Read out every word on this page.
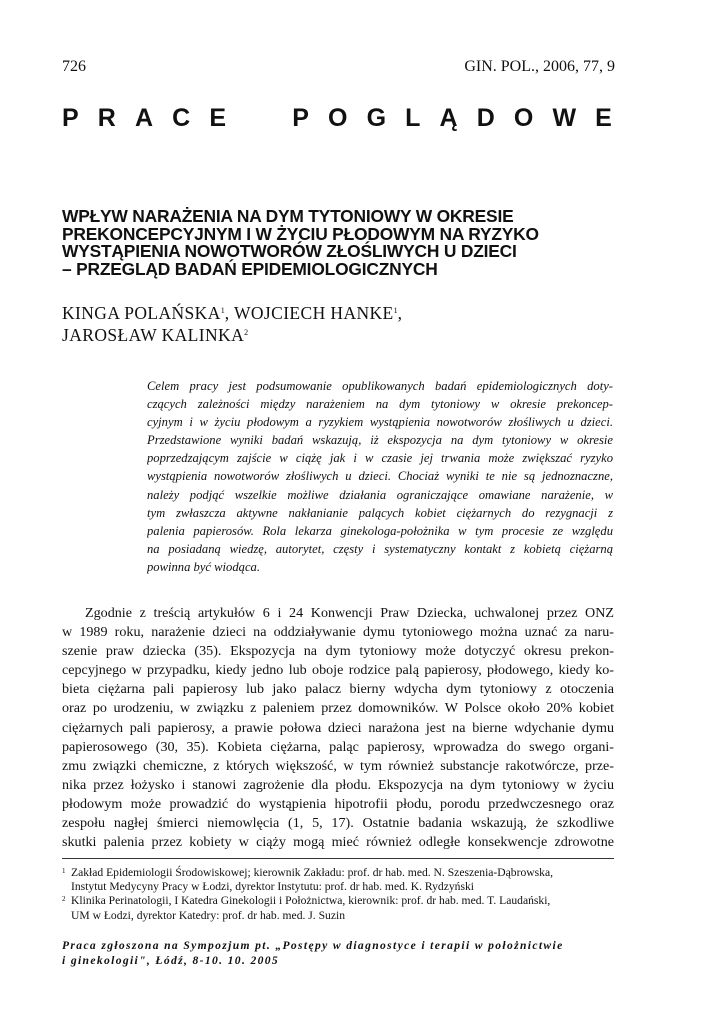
726	GIN. POL., 2006, 77, 9
P R A C E	P O G L Ą D O W E
WPŁYW NARAŻENIA NA DYM TYTONIOWY W OKRESIE
PREKONCEPCYJNYM I W ŻYCIU PŁODOWYM NA RYZYKO
WYSTĄPIENIA NOWOTWORÓW ZŁOŚLIWYCH U DZIECI
– PRZEGLĄD BADAŃ EPIDEMIOLOGICZNYCH
KINGA POLAŃSKA$^1$, WOJCIECH HANKE$^1$,
JAROSŁAW KALINKA$^2$
Celem pracy jest podsumowanie opublikowanych badań epidemiologicznych doty-
czących zależności między narażeniem na dym tytoniowy w okresie prekoncep-
cyjnym i w życiu płodowym a ryzykiem wystąpienia nowotworów złośliwych u dzieci.
Przedstawione wyniki badań wskazują, iż ekspozycja na dym tytoniowy w okresie
poprzedzającym zajście w ciążę jak i w czasie jej trwania może zwiększać ryzyko
wystąpienia nowotworów złośliwych u dzieci. Chociaż wyniki te nie są jednoznaczne,
należy podjąć wszelkie możliwe działania ograniczające omawiane narażenie, w
tym zwłaszcza aktywne nakłanianie palących kobiet ciężarnych do rezygnacji z
palenia papierosów. Rola lekarza ginekologa-położnika w tym procesie ze względu
na posiadaną wiedzę, autorytet, częsty i systematyczny kontakt z kobietą ciężarną
powinna być wiodąca.
Zgodnie z treścią artykułów 6 i 24 Konwencji Praw Dziecka, uchwalonej przez ONZ
w 1989 roku, narażenie dzieci na oddziaływanie dymu tytoniowego można uznać za naru-
szenie praw dziecka (35). Ekspozycja na dym tytoniowy może dotyczyć okresu prekon-
cepcyjnego w przypadku, kiedy jedno lub oboje rodzice palą papierosy, płodowego, kiedy ko-
bieta ciężarna pali papierosy lub jako palacz bierny wdycha dym tytoniowy z otoczenia
oraz po urodzeniu, w związku z paleniem przez domowników. W Polsce około 20% kobiet
ciężarnych pali papierosy, a prawie połowa dzieci narażona jest na bierne wdychanie dymu
papierosowego (30, 35). Kobieta ciężarna, paląc papierosy, wprowadza do swego organi-
zmu związki chemiczne, z których większość, w tym również substancje rakotwórcze, prze-
nika przez łożysko i stanowi zagrożenie dla płodu. Ekspozycja na dym tytoniowy w życiu
płodowym może prowadzić do wystąpienia hipotrofii płodu, porodu przedwczesnego oraz
zespołu nagłej śmierci niemowlęcia (1, 5, 17). Ostatnie badania wskazują, że szkodliwe
skutki palenia przez kobiety w ciąży mogą mieć również odległe konsekwencje zdrowotne
1 Zakład Epidemiologii Środowiskowej; kierownik Zakładu: prof. dr hab. med. N. Szeszenia-Dąbrowska,
Instytut Medycyny Pracy w Łodzi, dyrektor Instytutu: prof. dr hab. med. K. Rydzyński
2 Klinika Perinatologii, I Katedra Ginekologii i Położnictwa, kierownik: prof. dr hab. med. T. Laudański,
UM w Łodzi, dyrektor Katedry: prof. dr hab. med. J. Suzin
Praca zgłoszona na Sympozjum pt. „Postępy w diagnostyce i terapii w położnictwie
i ginekologii", Łódź, 8-10. 10. 2005
